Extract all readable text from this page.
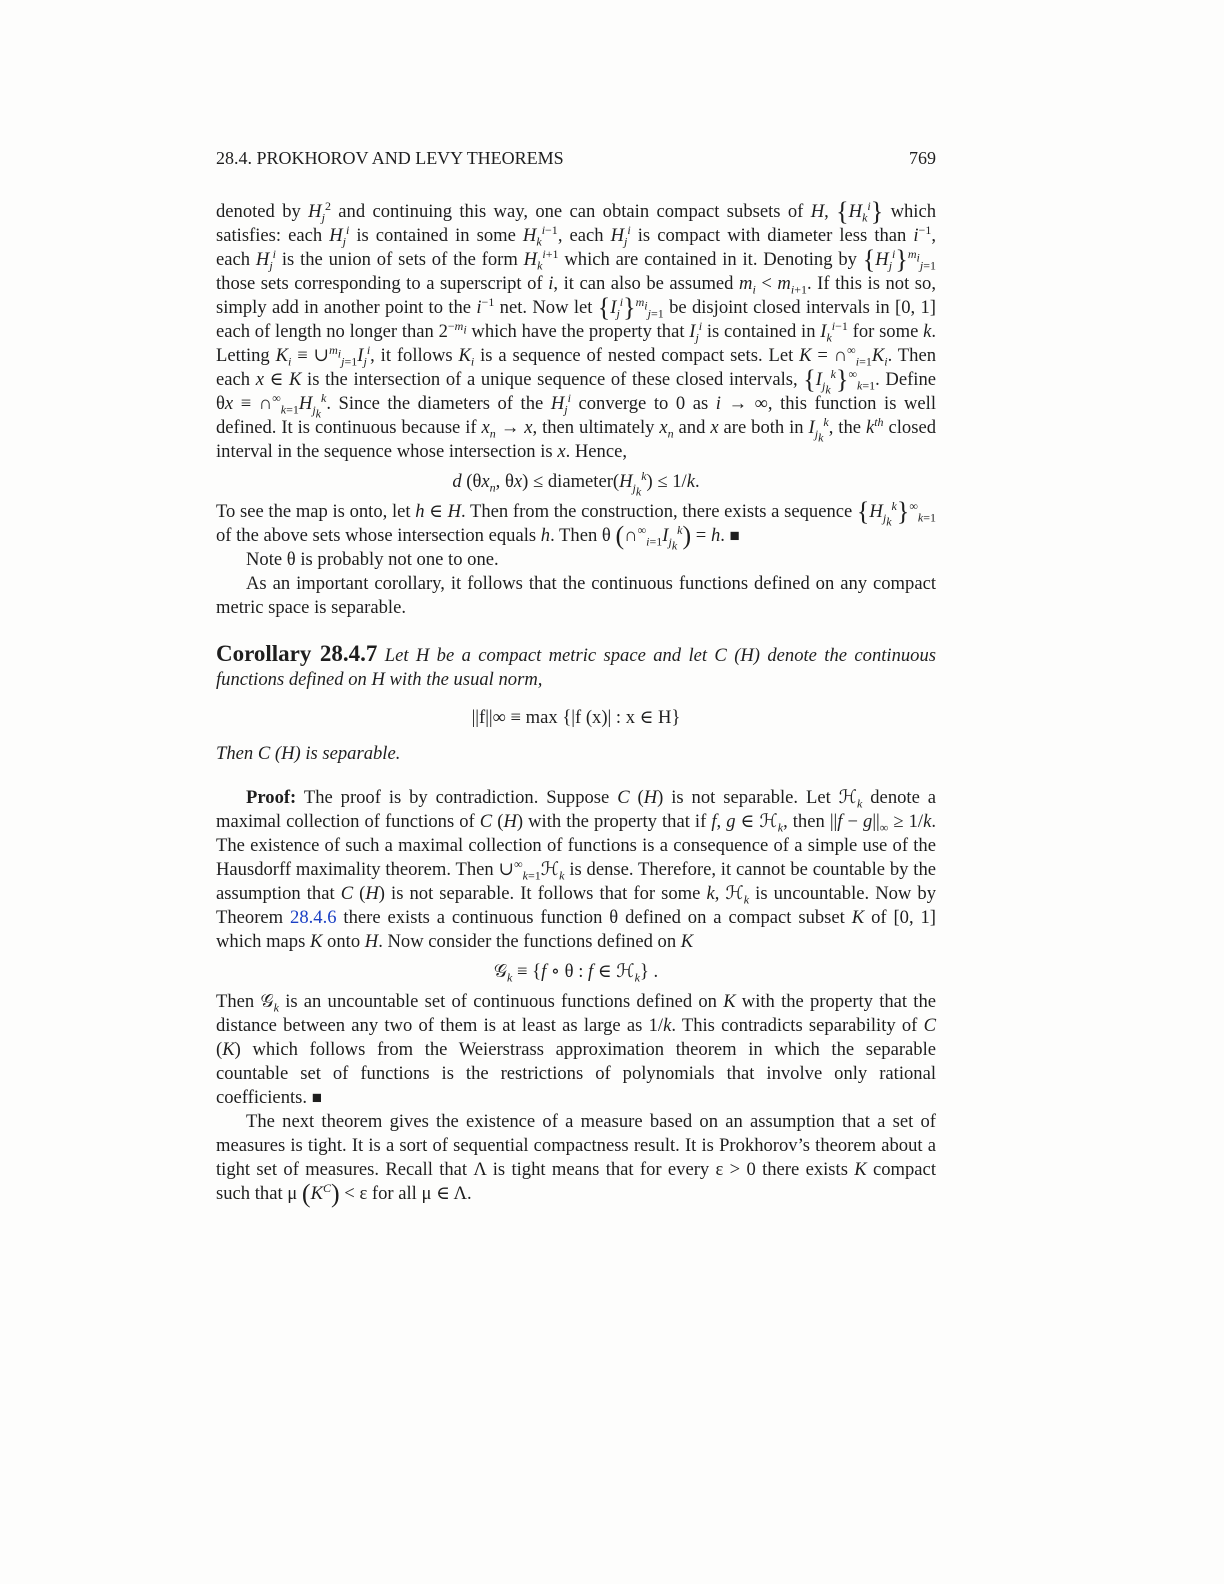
28.4. PROKHOROV AND LEVY THEOREMS	769

denoted by $H_j^2$ and continuing this way, one can obtain compact subsets of H, $\{H_k^i\}$ which satisfies: each $H_j^i$ is contained in some $H_k^{i-1}$, each $H_j^i$ is compact with diameter less than $i^{-1}$, each $H_j^i$ is the union of sets of the form $H_k^{i+1}$ which are contained in it. Denoting by $\{H_j^i\}^{m_i}_{j=1}$ those sets corresponding to a superscript of i, it can also be assumed $m_i < m_{i+1}$. If this is not so, simply add in another point to the $i^{-1}$ net. Now let $\{I_j^i\}^{m_i}_{j=1}$ be disjoint closed intervals in [0, 1] each of length no longer than $2^{-m_i}$ which have the property that $I_j^i$ is contained in $I_k^{i-1}$ for some k. Letting $K_i$ ≡ $\cup^{m_i}_{j=1}I_j^i$, it follows $K_i$ is a sequence of nested compact sets. Let $K = \cap^\infty_{i=1}K_i$. Then each x ∈ K is the intersection of a unique sequence of these closed intervals, $\{I_{j_k}^k\}^\infty_{k=1}$. Define $\theta x \equiv \cap^\infty_{k=1}H_{j_k}^k$. Since the diameters of the $H_j^i$ converge to 0 as i → ∞, this function is well defined. It is continuous because if $x_n \to x$, then ultimately $x_n$ and x are both in $I_{j_k}^k$, the $k^{th}$ closed interval in the sequence whose intersection is x. Hence,

d ($\theta x_n$, $\theta x) \le diameter(H_{j_k}^k) \le 1/k$.

To see the map is onto, let h ∈ H. Then from the construction, there exists a sequence $\{H_{j_k}^k\}^\infty_{k=1}$ of the above sets whose intersection equals h. Then θ $(\cap^\infty_{i=1}I_{j_k}^k) = h$. ■

Note θ is probably not one to one.

As an important corollary, it follows that the continuous functions defined on any compact metric space is separable.

Corollary 28.4.7 Let H be a compact metric space and let C (H) denote the continuous functions defined on H with the usual norm,

||f||∞ ≡ max {|f (x)| : x ∈ H}

Then C (H) is separable.

Proof: The proof is by contradiction. Suppose C (H) is not separable. Let ℋ$_k$ denote a maximal collection of functions of C (H) with the property that if f, g ∈ ℋ$_k$, then $||f - g||_\infty \ge 1/k$. The existence of such a maximal collection of functions is a consequence of a simple use of the Hausdorff maximality theorem. Then $\cup^\infty_{k=1}ℋ_k$ is dense. Therefore, it cannot be countable by the assumption that C (H) is not separable. It follows that for some k, ℋ$_k$ is uncountable. Now by Theorem 28.4.6 there exists a continuous function θ defined on a compact subset K of [0, 1] which maps K onto H. Now consider the functions defined on K

𝒢$_k$ ≡ {f ∘ θ : f ∈ ℋ$_k$} .

Then 𝒢$_k$ is an uncountable set of continuous functions defined on K with the property that the distance between any two of them is at least as large as 1/k. This contradicts separability of C (K) which follows from the Weierstrass approximation theorem in which the separable countable set of functions is the restrictions of polynomials that involve only rational coefficients. ■

The next theorem gives the existence of a measure based on an assumption that a set of measures is tight. It is a sort of sequential compactness result. It is Prokhorov’s theorem about a tight set of measures. Recall that Λ is tight means that for every ε > 0 there exists K compact such that μ $(K^C) < \varepsilon$ for all μ ∈ Λ.
